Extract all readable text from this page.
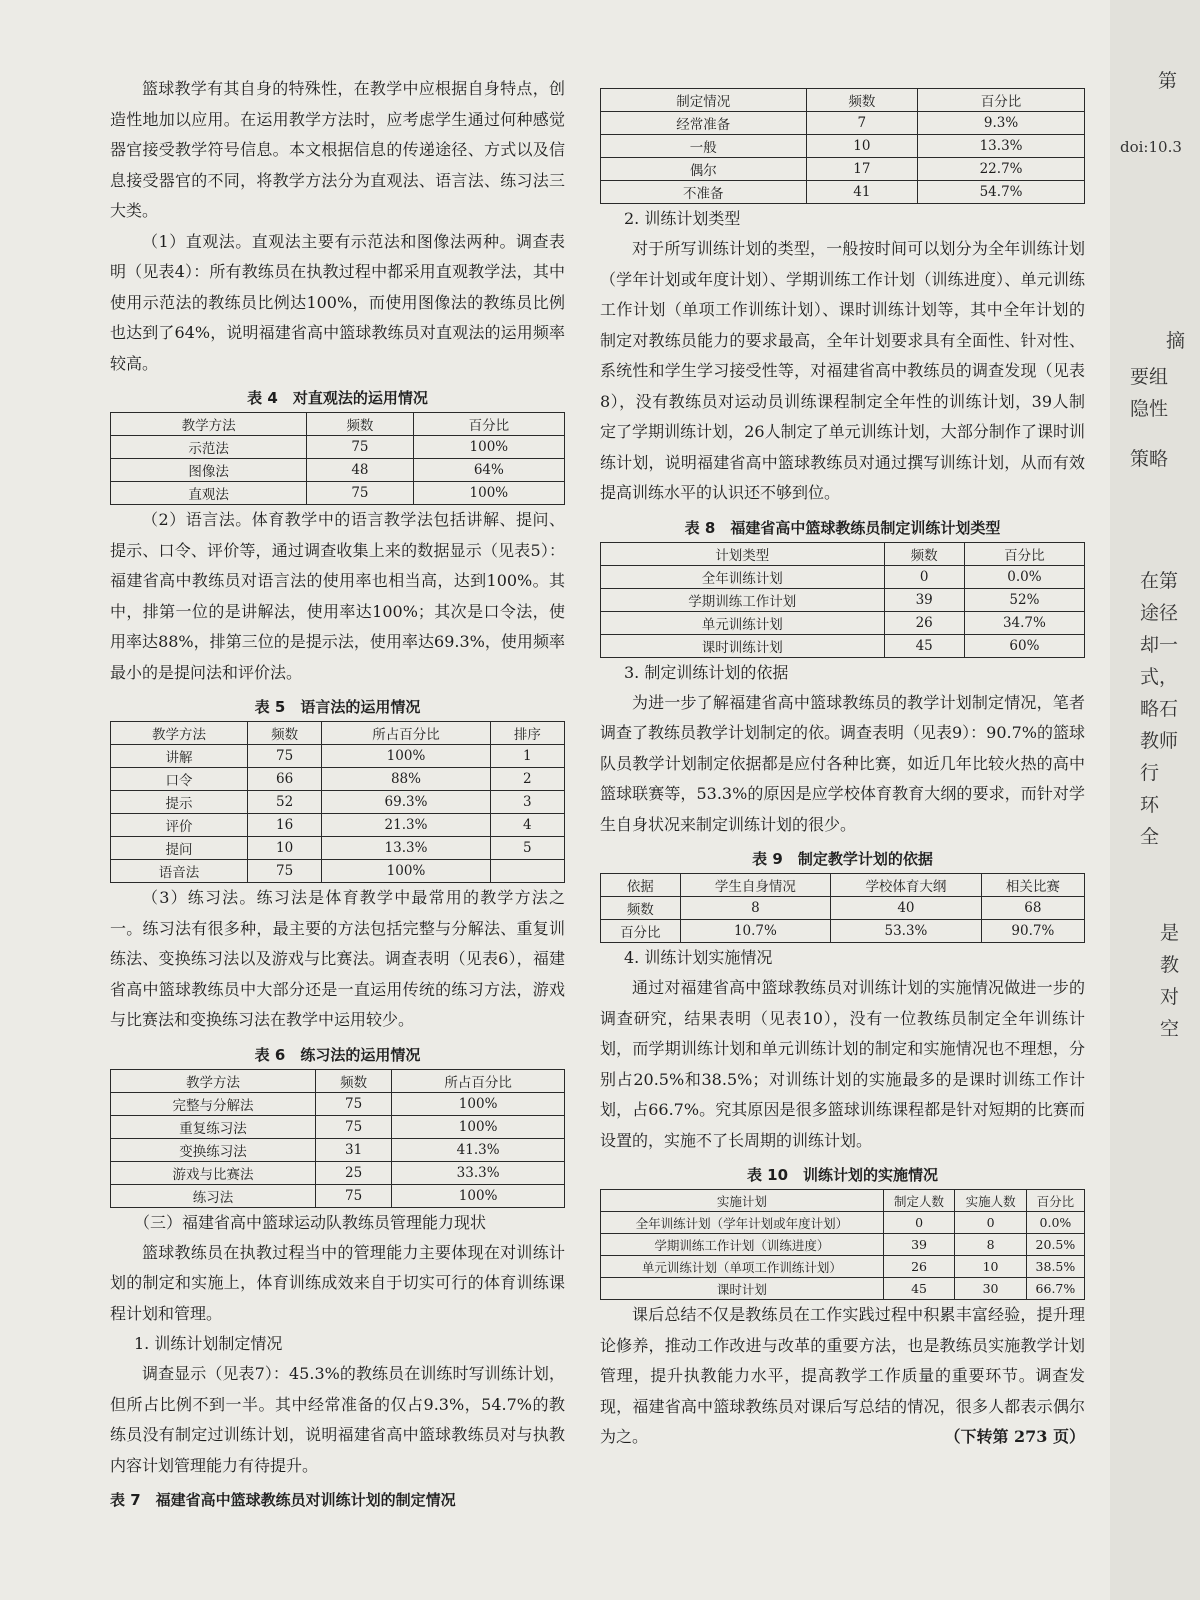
篮球教学有其自身的特殊性，在教学中应根据自身特点，创造性地加以应用。在运用教学方法时，应考虑学生通过何种感觉器官接受教学符号信息。本文根据信息的传递途径、方式以及信息接受器官的不同，将教学方法分为直观法、语言法、练习法三大类。

（1）直观法。直观法主要有示范法和图像法两种。调查表明（见表4）：所有教练员在执教过程中都采用直观教学法，其中使用示范法的教练员比例达100%，而使用图像法的教练员比例也达到了64%，说明福建省高中篮球教练员对直观法的运用频率较高。

表 4　对直观法的运用情况
教学方法	频数	百分比
示范法	75	100%
图像法	48	64%
直观法	75	100%

（2）语言法。体育教学中的语言教学法包括讲解、提问、提示、口令、评价等，通过调查收集上来的数据显示（见表5）：福建省高中教练员对语言法的使用率也相当高，达到100%。其中，排第一位的是讲解法，使用率达100%；其次是口令法，使用率达88%，排第三位的是提示法，使用率达69.3%，使用频率最小的是提问法和评价法。

表 5　语言法的运用情况
教学方法	频数	所占百分比	排序
讲解	75	100%	1
口令	66	88%	2
提示	52	69.3%	3
评价	16	21.3%	4
提问	10	13.3%	5
语音法	75	100%	

（3）练习法。练习法是体育教学中最常用的教学方法之一。练习法有很多种，最主要的方法包括完整与分解法、重复训练法、变换练习法以及游戏与比赛法。调查表明（见表6），福建省高中篮球教练员中大部分还是一直运用传统的练习方法，游戏与比赛法和变换练习法在教学中运用较少。

表 6　练习法的运用情况
教学方法	频数	所占百分比
完整与分解法	75	100%
重复练习法	75	100%
变换练习法	31	41.3%
游戏与比赛法	25	33.3%
练习法	75	100%
（三）福建省高中篮球运动队教练员管理能力现状

篮球教练员在执教过程当中的管理能力主要体现在对训练计划的制定和实施上，体育训练成效来自于切实可行的体育训练课程计划和管理。

1. 训练计划制定情况

调查显示（见表7）：45.3%的教练员在训练时写训练计划，但所占比例不到一半。其中经常准备的仅占9.3%，54.7%的教练员没有制定过训练计划，说明福建省高中篮球教练员对与执教内容计划管理能力有待提升。

表 7　福建省高中篮球教练员对训练计划的制定情况
制定情况	频数	百分比
经常准备	7	9.3%
一般	10	13.3%
偶尔	17	22.7%
不准备	41	54.7%
2. 训练计划类型

对于所写训练计划的类型，一般按时间可以划分为全年训练计划（学年计划或年度计划）、学期训练工作计划（训练进度）、单元训练工作计划（单项工作训练计划）、课时训练计划等，其中全年计划的制定对教练员能力的要求最高，全年计划要求具有全面性、针对性、系统性和学生学习接受性等，对福建省高中教练员的调查发现（见表8），没有教练员对运动员训练课程制定全年性的训练计划，39人制定了学期训练计划，26人制定了单元训练计划，大部分制作了课时训练计划，说明福建省高中篮球教练员对通过撰写训练计划，从而有效提高训练水平的认识还不够到位。

表 8　福建省高中篮球教练员制定训练计划类型
计划类型	频数	百分比
全年训练计划	0	0.0%
学期训练工作计划	39	52%
单元训练计划	26	34.7%
课时训练计划	45	60%
3. 制定训练计划的依据

为进一步了解福建省高中篮球教练员的教学计划制定情况，笔者调查了教练员教学计划制定的依。调查表明（见表9）：90.7%的篮球队员教学计划制定依据都是应付各种比赛，如近几年比较火热的高中篮球联赛等，53.3%的原因是应学校体育教育大纲的要求，而针对学生自身状况来制定训练计划的很少。

表 9　制定教学计划的依据
依据	学生自身情况	学校体育大纲	相关比赛
频数	8	40	68
百分比	10.7%	53.3%	90.7%
4. 训练计划实施情况

通过对福建省高中篮球教练员对训练计划的实施情况做进一步的调查研究，结果表明（见表10），没有一位教练员制定全年训练计划，而学期训练计划和单元训练计划的制定和实施情况也不理想，分别占20.5%和38.5%；对训练计划的实施最多的是课时训练工作计划，占66.7%。究其原因是很多篮球训练课程都是针对短期的比赛而设置的，实施不了长周期的训练计划。

表 10　训练计划的实施情况
实施计划	制定人数	实施人数	百分比
全年训练计划（学年计划或年度计划）	0	0	0.0%
学期训练工作计划（训练进度）	39	8	20.5%
单元训练计划（单项工作训练计划）	26	10	38.5%
课时计划	45	30	66.7%

课后总结不仅是教练员在工作实践过程中积累丰富经验，提升理论修养，推动工作改进与改革的重要方法，也是教练员实施教学计划管理，提升执教能力水平，提高教学工作质量的重要环节。调查发现，福建省高中篮球教练员对课后写总结的情况，很多人都表示偶尔为之。	（下转第 273 页）

第
doi:10.3
摘
要组
隐性
策略
在第
途径
却一
式，
略石
教师
行
环
全
是
教
对
空
